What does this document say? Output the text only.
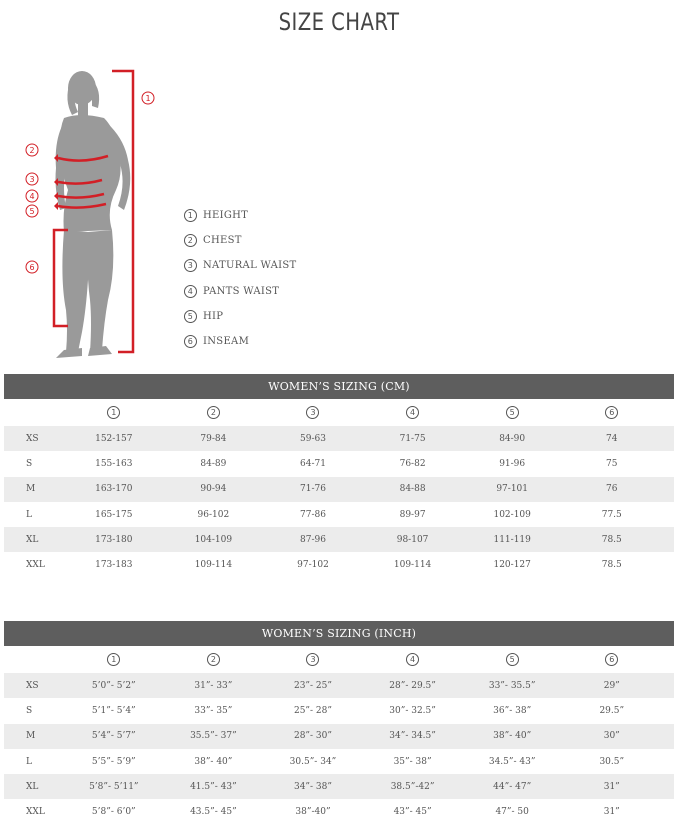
SIZE CHART
1
2
3
4
5
6
1 HEIGHT
2 CHEST
3 NATURAL WAIST
4 PANTS WAIST
5 HIP
6 INSEAM
WOMEN’S SIZING (CM)
1	2	3	4	5	6
XS	152-157	79-84	59-63	71-75	84-90	74
S	155-163	84-89	64-71	76-82	91-96	75
M	163-170	90-94	71-76	84-88	97-101	76
L	165-175	96-102	77-86	89-97	102-109	77.5
XL	173-180	104-109	87-96	98-107	111-119	78.5
XXL	173-183	109-114	97-102	109-114	120-127	78.5
WOMEN’S SIZING (INCH)
1	2	3	4	5	6
XS	5’0”- 5’2”	31”- 33”	23”- 25”	28”- 29.5”	33”- 35.5”	29”
S	5’1”- 5’4”	33”- 35”	25”- 28”	30”- 32.5”	36”- 38”	29.5”
M	5’4”- 5’7”	35.5”- 37”	28”- 30”	34”- 34.5”	38”- 40”	30”
L	5’5”- 5’9”	38”- 40”	30.5”- 34”	35”- 38”	34.5”- 43”	30.5”
XL	5’8”- 5’11”	41.5”- 43”	34”- 38”	38.5”-42”	44”- 47”	31”
XXL	5’8”- 6’0”	43.5”- 45”	38”-40”	43”- 45”	47”- 50	31”
